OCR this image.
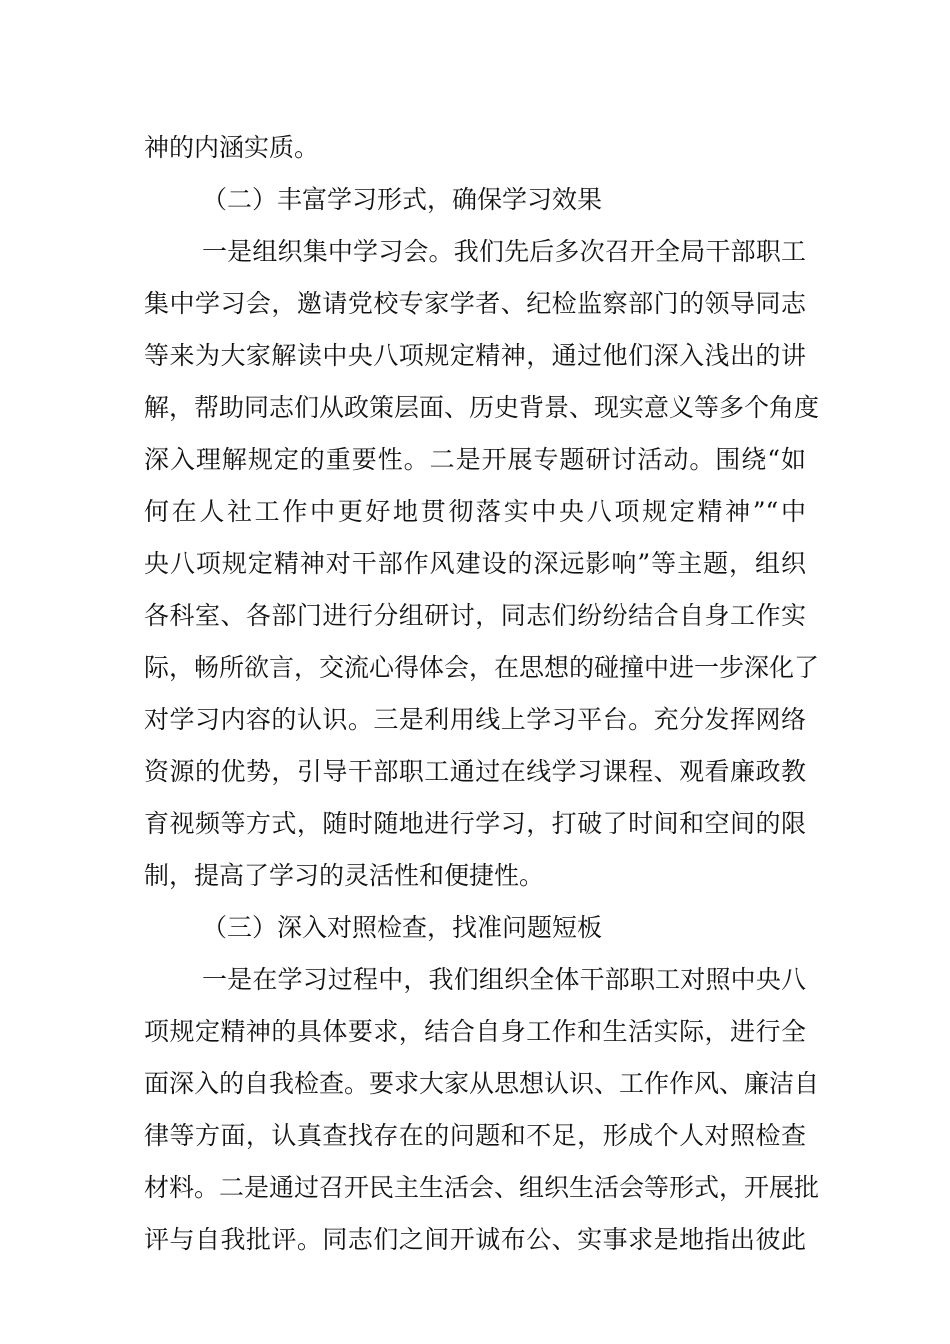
神的内涵实质。
（二）丰富学习形式，确保学习效果
一是组织集中学习会。我们先后多次召开全局干部职工
集中学习会，邀请党校专家学者、纪检监察部门的领导同志
等来为大家解读中央八项规定精神，通过他们深入浅出的讲
解，帮助同志们从政策层面、历史背景、现实意义等多个角度
深入理解规定的重要性。二是开展专题研讨活动。围绕“如
何在人社工作中更好地贯彻落实中央八项规定精神”“中
央八项规定精神对干部作风建设的深远影响”等主题，组织
各科室、各部门进行分组研讨，同志们纷纷结合自身工作实
际，畅所欲言，交流心得体会，在思想的碰撞中进一步深化了
对学习内容的认识。三是利用线上学习平台。充分发挥网络
资源的优势，引导干部职工通过在线学习课程、观看廉政教
育视频等方式，随时随地进行学习，打破了时间和空间的限
制，提高了学习的灵活性和便捷性。
（三）深入对照检查，找准问题短板
一是在学习过程中，我们组织全体干部职工对照中央八
项规定精神的具体要求，结合自身工作和生活实际，进行全
面深入的自我检查。要求大家从思想认识、工作作风、廉洁自
律等方面，认真查找存在的问题和不足，形成个人对照检查
材料。二是通过召开民主生活会、组织生活会等形式，开展批
评与自我批评。同志们之间开诚布公、实事求是地指出彼此
